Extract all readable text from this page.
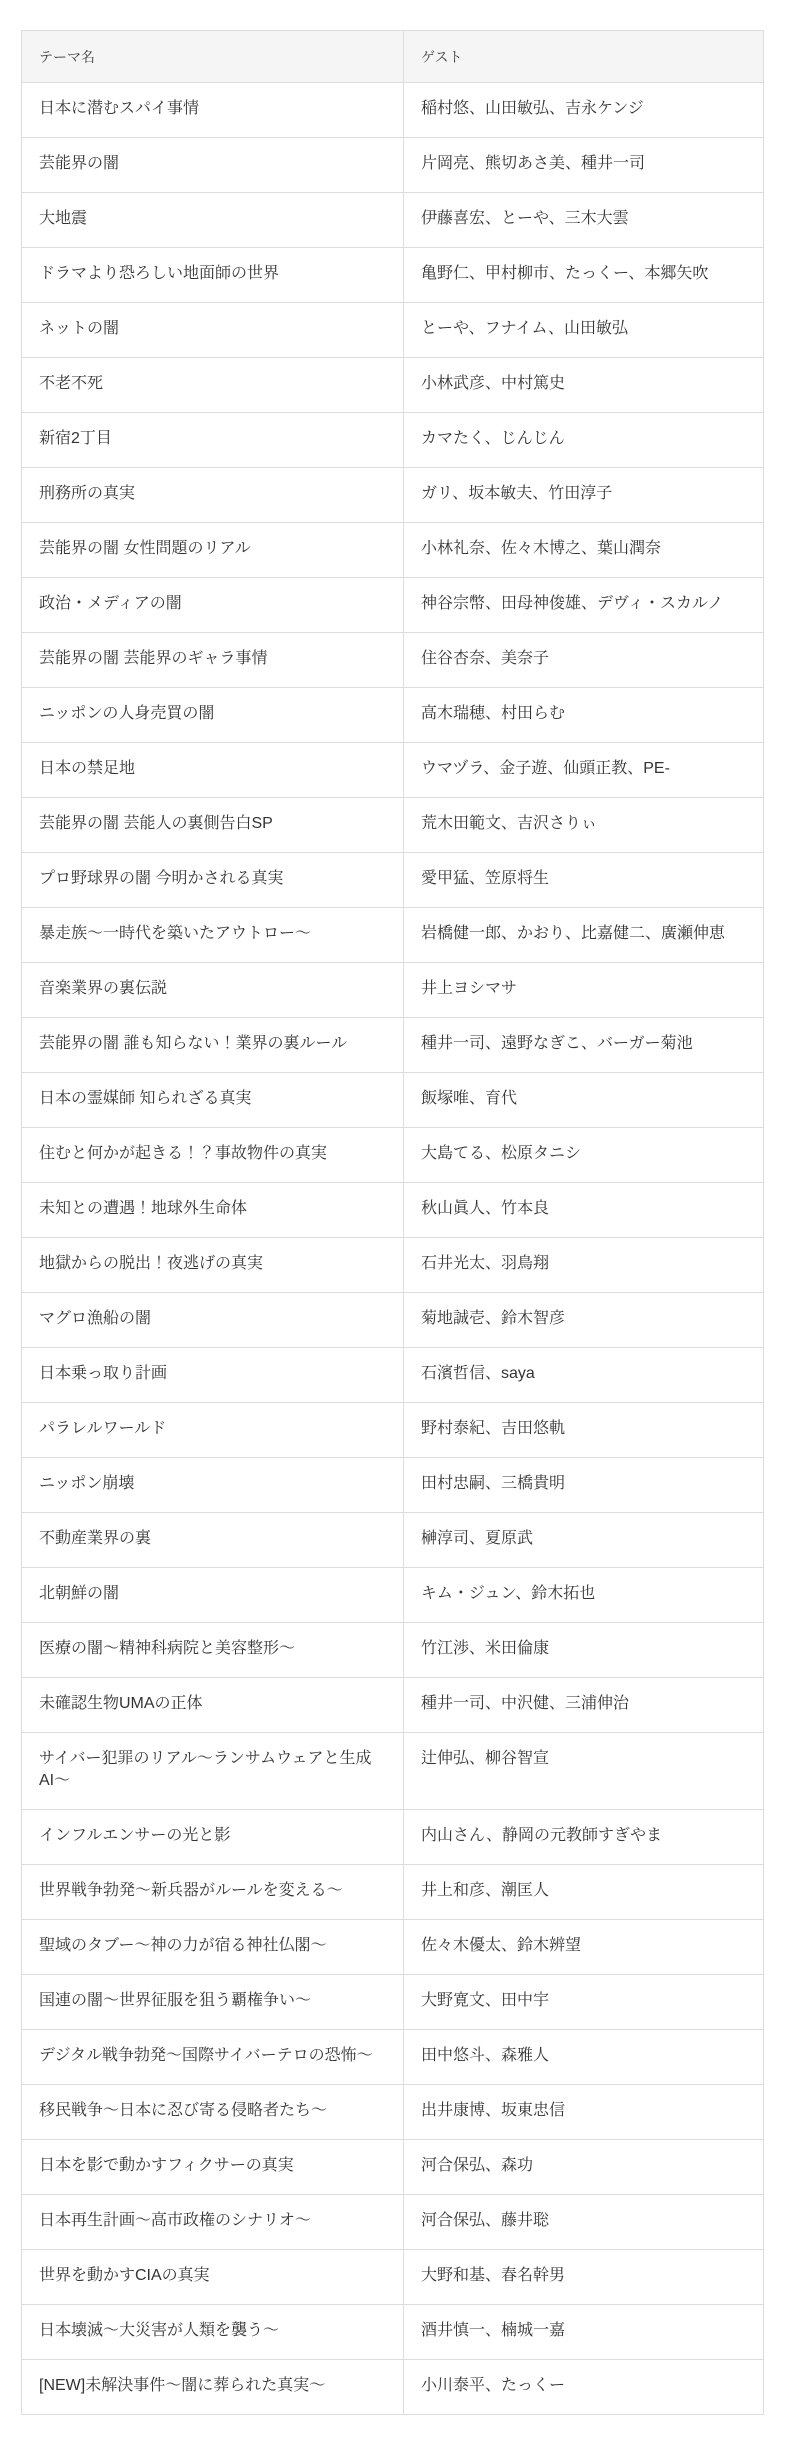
テーマ名	ゲスト
日本に潜むスパイ事情	稲村悠、山田敏弘、吉永ケンジ
芸能界の闇	片岡亮、熊切あさ美、種井一司
大地震	伊藤喜宏、とーや、三木大雲
ドラマより恐ろしい地面師の世界	亀野仁、甲村柳市、たっくー、本郷矢吹
ネットの闇	とーや、フナイム、山田敏弘
不老不死	小林武彦、中村篤史
新宿2丁目	カマたく、じんじん
刑務所の真実	ガリ、坂本敏夫、竹田淳子
芸能界の闇 女性問題のリアル	小林礼奈、佐々木博之、葉山潤奈
政治・メディアの闇	神谷宗幣、田母神俊雄、デヴィ・スカルノ
芸能界の闇 芸能界のギャラ事情	住谷杏奈、美奈子
ニッポンの人身売買の闇	高木瑞穂、村田らむ
日本の禁足地	ウマヅラ、金子遊、仙頭正教、PE-
芸能界の闇 芸能人の裏側告白SP	荒木田範文、吉沢さりぃ
プロ野球界の闇 今明かされる真実	愛甲猛、笠原将生
暴走族～一時代を築いたアウトロー～	岩橋健一郎、かおり、比嘉健二、廣瀬伸恵
音楽業界の裏伝説	井上ヨシマサ
芸能界の闇 誰も知らない！業界の裏ルール	種井一司、遠野なぎこ、バーガー菊池
日本の霊媒師 知られざる真実	飯塚唯、育代
住むと何かが起きる！？事故物件の真実	大島てる、松原タニシ
未知との遭遇！地球外生命体	秋山眞人、竹本良
地獄からの脱出！夜逃げの真実	石井光太、羽鳥翔
マグロ漁船の闇	菊地誠壱、鈴木智彦
日本乗っ取り計画	石濱哲信、saya
パラレルワールド	野村泰紀、吉田悠軌
ニッポン崩壊	田村忠嗣、三橋貴明
不動産業界の裏	榊淳司、夏原武
北朝鮮の闇	キム・ジュン、鈴木拓也
医療の闇～精神科病院と美容整形～	竹江渉、米田倫康
未確認生物UMAの正体	種井一司、中沢健、三浦伸治
サイバー犯罪のリアル～ランサムウェアと生成AI～	辻伸弘、柳谷智宣
インフルエンサーの光と影	内山さん、静岡の元教師すぎやま
世界戦争勃発～新兵器がルールを変える～	井上和彦、潮匡人
聖域のタブー～神の力が宿る神社仏閣～	佐々木優太、鈴木辨望
国連の闇～世界征服を狙う覇権争い～	大野寛文、田中宇
デジタル戦争勃発～国際サイバーテロの恐怖～	田中悠斗、森雅人
移民戦争～日本に忍び寄る侵略者たち～	出井康博、坂東忠信
日本を影で動かすフィクサーの真実	河合保弘、森功
日本再生計画～高市政権のシナリオ～	河合保弘、藤井聡
世界を動かすCIAの真実	大野和基、春名幹男
日本壊滅～大災害が人類を襲う～	酒井慎一、楠城一嘉
[NEW]未解決事件～闇に葬られた真実～	小川泰平、たっくー
